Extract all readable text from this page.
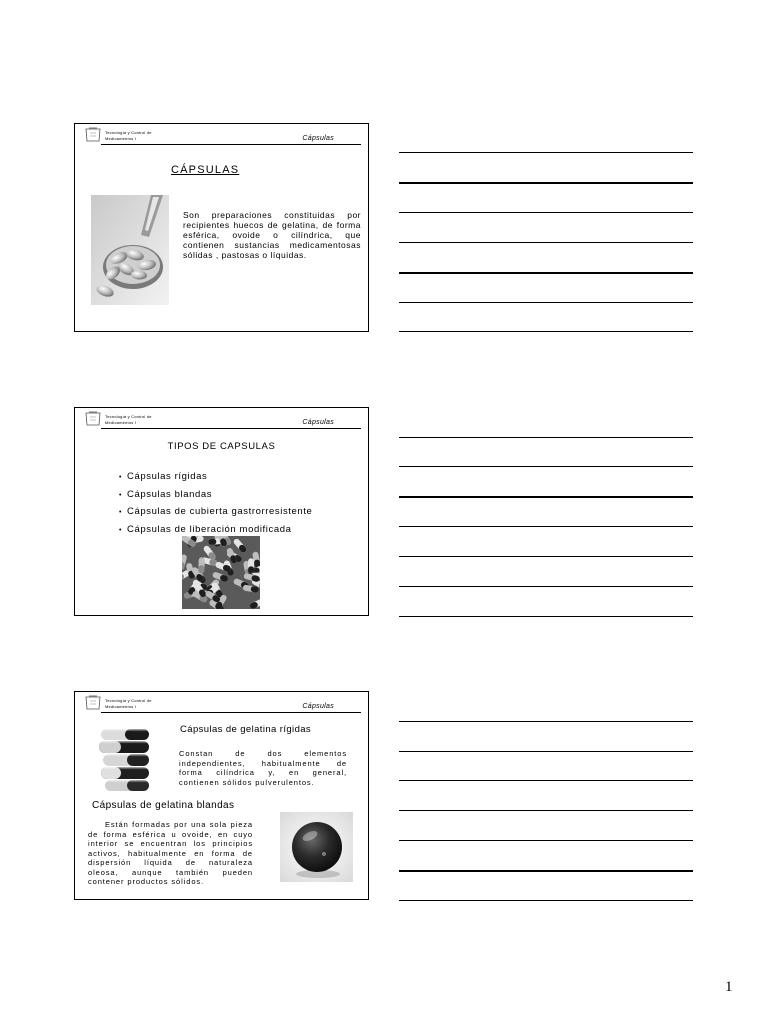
Tecnología y Control de
Medicamentos I	Cápsulas
CÁPSULAS
Son preparaciones constituidas por recipientes huecos de gelatina, de forma esférica, ovoide o cilíndrica, que contienen sustancias medicamentosas sólidas , pastosas o líquidas.
Tecnología y Control de
Medicamentos I	Cápsulas
TIPOS DE CAPSULAS
• Cápsulas rígidas
• Cápsulas blandas
• Cápsulas de cubierta gastrorresistente
• Cápsulas de liberación modificada
Tecnología y Control de
Medicamentos I	Cápsulas
Cápsulas de gelatina rígidas
Constan de dos elementos independientes, habitualmente de forma cilíndrica y, en general, contienen sólidos pulverulentos.
Cápsulas de gelatina blandas
Están formadas por una sola pieza de forma esférica u ovoide, en cuyo interior se encuentran los principios activos, habitualmente en forma de dispersión líquida de naturaleza oleosa, aunque también pueden contener productos sólidos.
1
